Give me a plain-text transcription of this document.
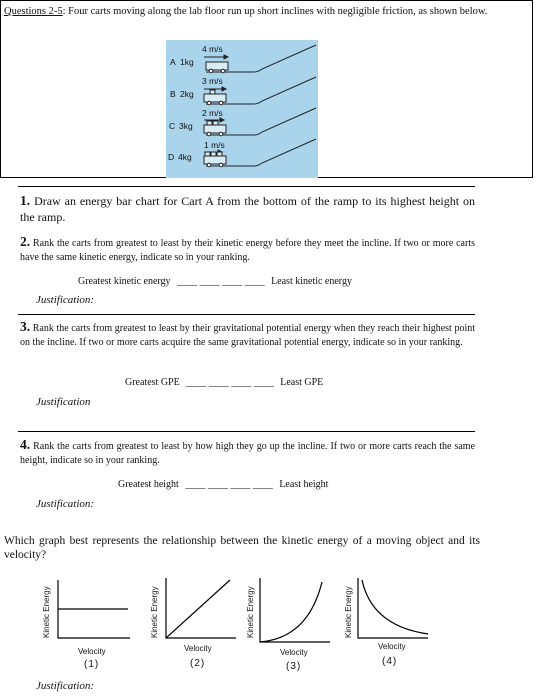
Questions 2-5: Four carts moving along the lab floor run up short inclines with negligible friction, as shown below.
4 m/s
3 m/s
2 m/s
1 m/s
A 1kg
B 2kg
C 3kg
D 4kg
1. Draw an energy bar chart for Cart A from the bottom of the ramp to its highest height on the ramp.
2. Rank the carts from greatest to least by their kinetic energy before they meet the incline. If two or more carts have the same kinetic energy, indicate so in your ranking.
Greatest kinetic energy ____ ____ ____ ____ Least kinetic energy
Justification:
3. Rank the carts from greatest to least by their gravitational potential energy when they reach their highest point on the incline. If two or more carts acquire the same gravitational potential energy, indicate so in your ranking.
Greatest GPE ____ ____ ____ ____ Least GPE
Justification
4. Rank the carts from greatest to least by how high they go up the incline. If two or more carts reach the same height, indicate so in your ranking.
Greatest height ____ ____ ____ ____ Least height
Justification:
Which graph best represents the relationship between the kinetic energy of a moving object and its velocity?
Kinetic Energy
Velocity
(1)
Kinetic Energy
Velocity
(2)
Kinetic Energy
Velocity
(3)
Kinetic Energy
Velocity
(4)
Justification:
